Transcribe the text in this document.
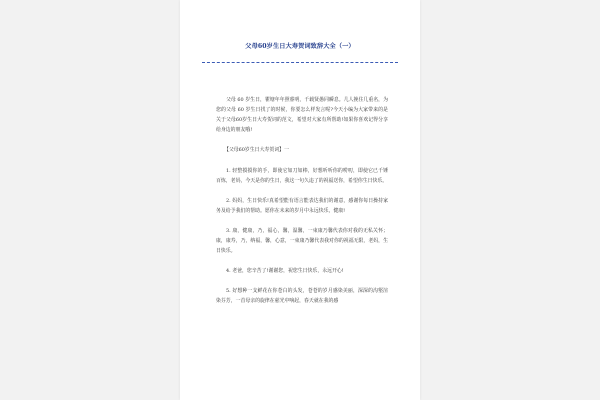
父母60岁生日大寿贺词致辞大全（一）

父母 60 岁生日，瞿塘年年照睿明，千载贤愚同瞬息。几人挽住几重名，为您的父母 60 岁生日找了的时候，你要怎么样发言呢?今天小编为大家带来的是关于父母60岁生日大寿贺词的范文，希望对大家有所帮助!如果你喜欢记得分享给身边的朋友哦!

【父母60岁生日大寿贺词】一

1. 轻整摸摸你的手，即使它如刀如棒，好想听听你的唠叨，即使它已千锤百炼，老妈，今天是你的生日，我这一句久违了的祝福送你，希望你生日快乐。

2. 妈妈，生日快乐!真希望能有语言能表达我们的谢意，感谢你每日操持家务及给予我们的帮助。愿你在未来的岁月中永远快乐，健康!

3. 康，健康，乃，福心，馨，温馨，一束康乃馨代表你对我的无私关怀；康，康寿，乃，纳福，馨，心意，一束康乃馨代表我对你的祝福无限，老妈，生日快乐。

4. 老爸，您辛苦了!谢谢您，祝您生日快乐，永远开心!

5. 好想种一支鲜花在你苍白的头发，苍苍的岁月感染美丽，深深的沟壑渲染芬芳，一首母亲的旋律在慈光中响起，春天就在我的感
